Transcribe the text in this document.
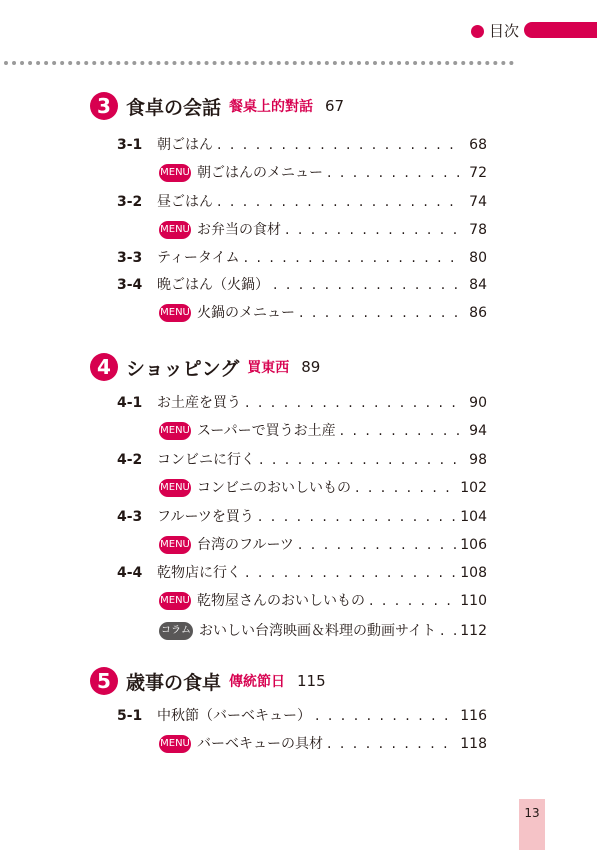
目次
3 食卓の会話 餐桌上的對話 67
3-1	朝ごはん . . .	68
MENU 朝ごはんのメニュー . . .	72
3-2	昼ごはん . . .	74
MENU お弁当の食材 . . .	78
3-3	ティータイム . . .	80
3-4	晩ごはん（火鍋） . . .	84
MENU 火鍋のメニュー . . .	86
4 ショッピング 買東西 89
4-1	お土産を買う . . .	90
MENU スーパーで買うお土産 . . .	94
4-2	コンビニに行く . . .	98
MENU コンビニのおいしいもの . . .	102
4-3	フルーツを買う . . .	104
MENU 台湾のフルーツ . . .	106
4-4	乾物店に行く . . .	108
MENU 乾物屋さんのおいしいもの . . .	110
コラム おいしい台湾映画＆料理の動画サイト . . . 112
5 歳事の食卓 傳統節日 115
5-1	中秋節（バーベキュー） . . .	116
MENU バーベキューの具材 . . .	118
13
